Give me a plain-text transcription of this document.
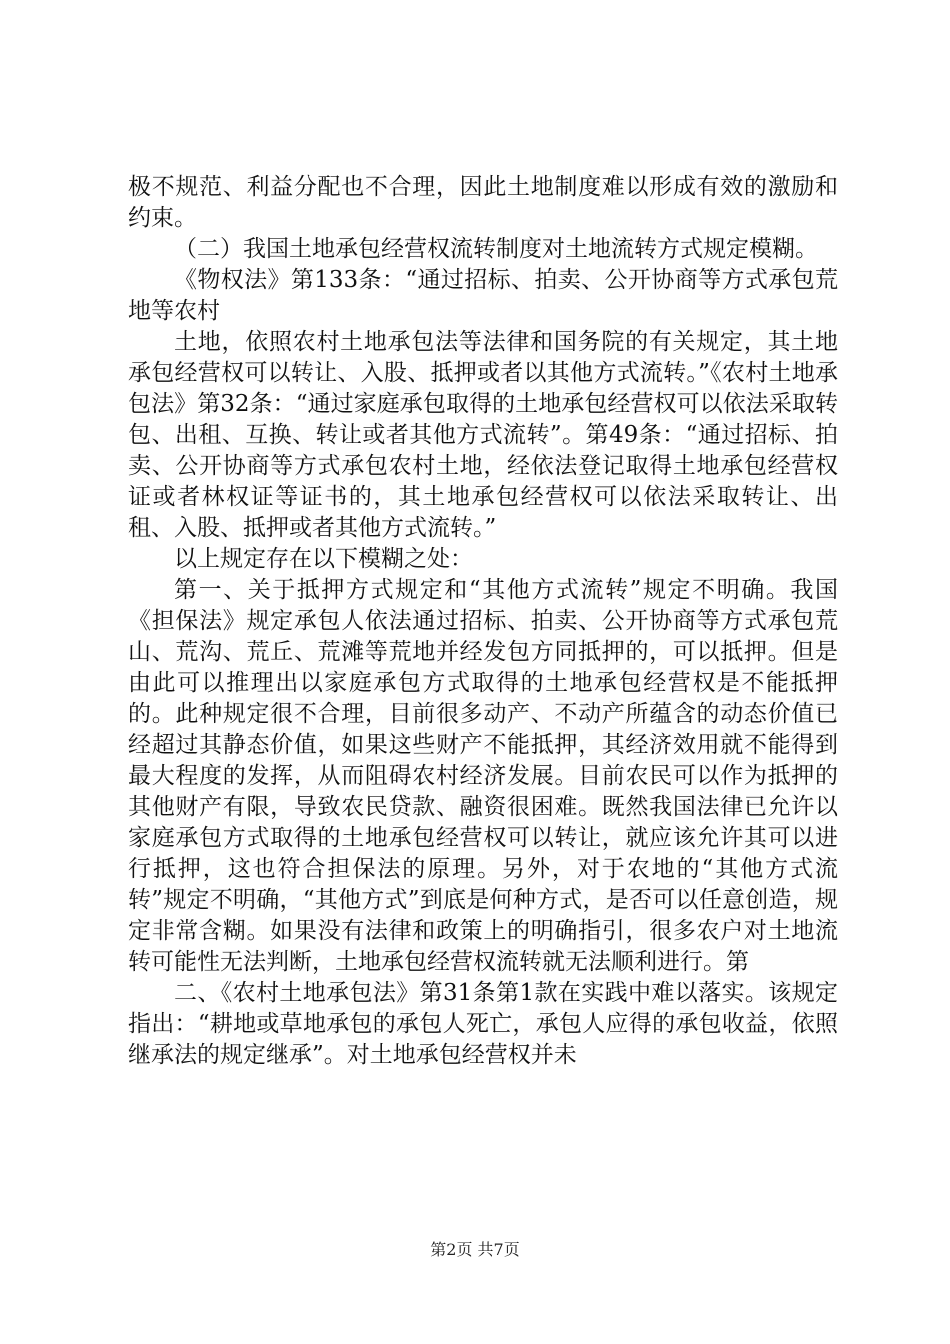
极不规范、利益分配也不合理，因此土地制度难以形成有效的激励和约束。

（二）我国土地承包经营权流转制度对土地流转方式规定模糊。

《物权法》第133条：“通过招标、拍卖、公开协商等方式承包荒地等农村

土地，依照农村土地承包法等法律和国务院的有关规定，其土地承包经营权可以转让、入股、抵押或者以其他方式流转。”《农村土地承包法》第32条：“通过家庭承包取得的土地承包经营权可以依法采取转包、出租、互换、转让或者其他方式流转”。第49条：“通过招标、拍卖、公开协商等方式承包农村土地，经依法登记取得土地承包经营权证或者林权证等证书的，其土地承包经营权可以依法采取转让、出租、入股、抵押或者其他方式流转。”

以上规定存在以下模糊之处：

第一、关于抵押方式规定和“其他方式流转”规定不明确。我国《担保法》规定承包人依法通过招标、拍卖、公开协商等方式承包荒山、荒沟、荒丘、荒滩等荒地并经发包方同抵押的，可以抵押。但是由此可以推理出以家庭承包方式取得的土地承包经营权是不能抵押的。此种规定很不合理，目前很多动产、不动产所蕴含的动态价值已经超过其静态价值，如果这些财产不能抵押，其经济效用就不能得到最大程度的发挥，从而阻碍农村经济发展。目前农民可以作为抵押的其他财产有限，导致农民贷款、融资很困难。既然我国法律已允许以家庭承包方式取得的土地承包经营权可以转让，就应该允许其可以进行抵押，这也符合担保法的原理。另外，对于农地的“其他方式流转”规定不明确，“其他方式”到底是何种方式，是否可以任意创造，规定非常含糊。如果没有法律和政策上的明确指引，很多农户对土地流转可能性无法判断，土地承包经营权流转就无法顺利进行。第

二、《农村土地承包法》第31条第1款在实践中难以落实。该规定指出：“耕地或草地承包的承包人死亡，承包人应得的承包收益，依照继承法的规定继承”。对土地承包经营权并未

第2页 共7页
